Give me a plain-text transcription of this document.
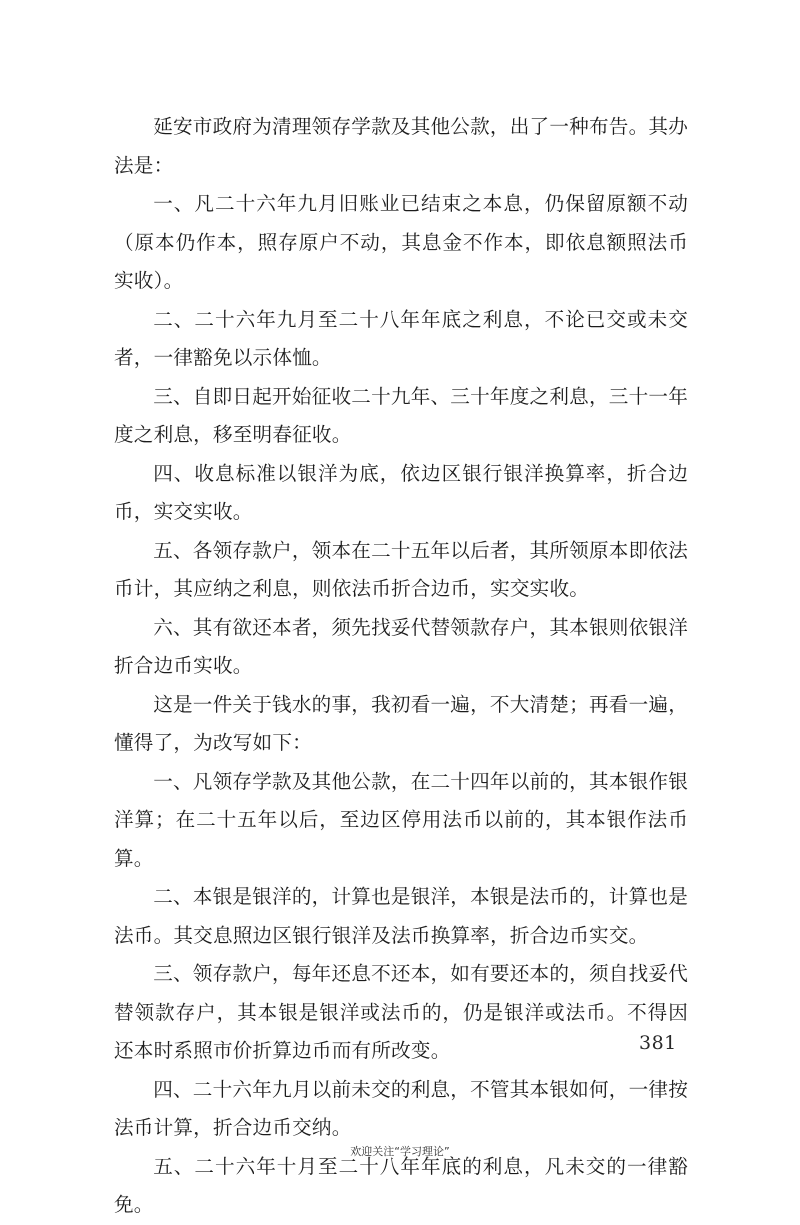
延安市政府为清理领存学款及其他公款，出了一种布告。其办法是：

一、凡二十六年九月旧账业已结束之本息，仍保留原额不动（原本仍作本，照存原户不动，其息金不作本，即依息额照法币实收）。

二、二十六年九月至二十八年年底之利息，不论已交或未交者，一律豁免以示体恤。

三、自即日起开始征收二十九年、三十年度之利息，三十一年度之利息，移至明春征收。

四、收息标准以银洋为底，依边区银行银洋换算率，折合边币，实交实收。

五、各领存款户，领本在二十五年以后者，其所领原本即依法币计，其应纳之利息，则依法币折合边币，实交实收。

六、其有欲还本者，须先找妥代替领款存户，其本银则依银洋折合边币实收。

这是一件关于钱水的事，我初看一遍，不大清楚；再看一遍，懂得了，为改写如下：

一、凡领存学款及其他公款，在二十四年以前的，其本银作银洋算；在二十五年以后，至边区停用法币以前的，其本银作法币算。

二、本银是银洋的，计算也是银洋，本银是法币的，计算也是法币。其交息照边区银行银洋及法币换算率，折合边币实交。

三、领存款户，每年还息不还本，如有要还本的，须自找妥代替领款存户，其本银是银洋或法币的，仍是银洋或法币。不得因还本时系照市价折算边币而有所改变。

四、二十六年九月以前未交的利息，不管其本银如何，一律按法币计算，折合边币交纳。

五、二十六年十月至二十八年年底的利息，凡未交的一律豁免。

381
欢迎关注“学习理论”
